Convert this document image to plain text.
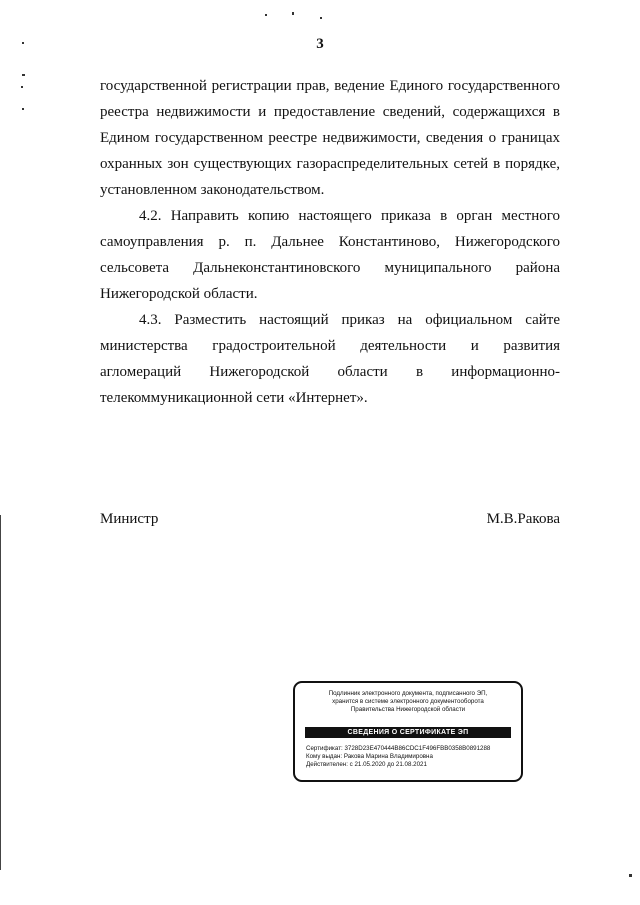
3

государственной регистрации прав, ведение Единого государственного реестра недвижимости и предоставление сведений, содержащихся в Едином государственном реестре недвижимости, сведения о границах охранных зон существующих газораспределительных сетей в порядке, установленном законодательством.

4.2. Направить копию настоящего приказа в орган местного самоуправления р. п. Дальнее Константиново, Нижегородского сельсовета Дальнеконстантиновского муниципального района Нижегородской области.

4.3. Разместить настоящий приказ на официальном сайте министерства градостроительной деятельности и развития агломераций Нижегородской области в информационно-телекоммуникационной сети «Интернет».

Министр	М.В.Ракова
Подлинник электронного документа, подписанного ЭП,
хранится в системе электронного документооборота
Правительства Нижегородской области
СВЕДЕНИЯ О СЕРТИФИКАТЕ ЭП
Сертификат: 3728D23E470444B86CDC1F496FBB0358B0891288
Кому выдан: Ракова Марина Владимировна
Действителен: с 21.05.2020 до 21.08.2021
